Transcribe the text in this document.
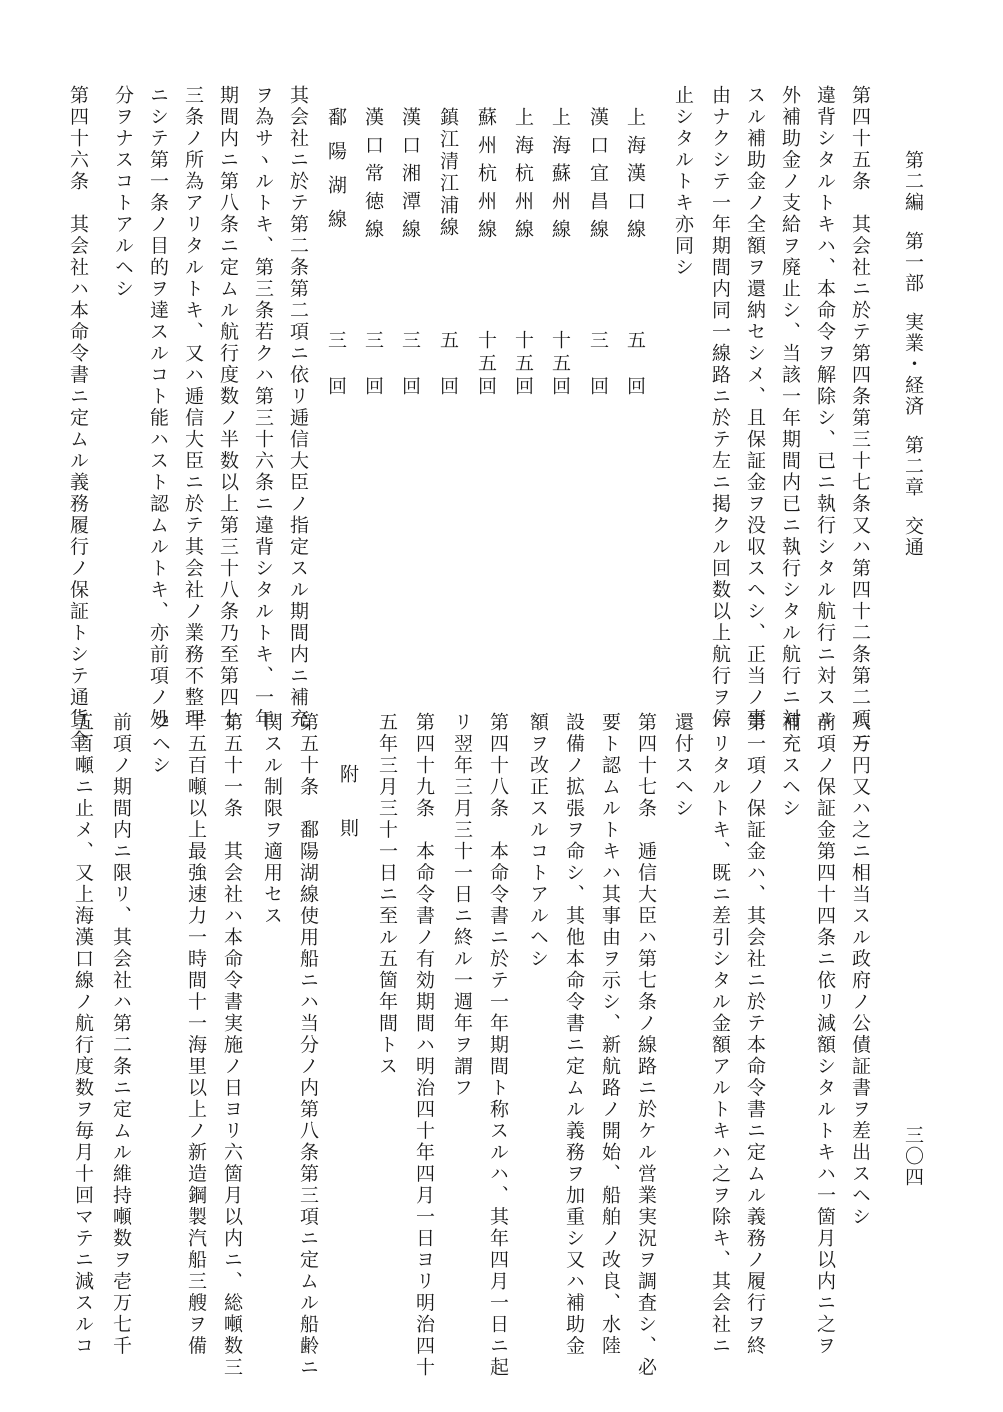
第二編第一部実業・経済第二章交通
三〇四
第四十五条　其会社ニ於テ第四条第三十七条又ハ第四十二条第二項ニ
違背シタルトキハ、本命令ヲ解除シ、已ニ執行シタル航行ニ対スル
外補助金ノ支給ヲ廃止シ、当該一年期間内已ニ執行シタル航行ニ対
スル補助金ノ全額ヲ還納セシメ、且保証金ヲ没収スヘシ、正当ノ事
由ナクシテ一年期間内同一線路ニ於テ左ニ掲クル回数以上航行ヲ停
止シタルトキ亦同シ
上海漢口線
五　回
漢口宜昌線
三　回
上海蘇州線
十五回
上海杭州線
十五回
蘇州杭州線
十五回
鎮江清江浦線
五　回
漢口湘潭線
三　回
漢口常徳線
三　回
鄱陽湖線
三　回
其会社ニ於テ第二条第二項ニ依リ逓信大臣ノ指定スル期間内ニ補充
ヲ為サヽルトキ、第三条若クハ第三十六条ニ違背シタルトキ、一年
期間内ニ第八条ニ定ムル航行度数ノ半数以上第三十八条乃至第四十
三条ノ所為アリタルトキ、又ハ逓信大臣ニ於テ其会社ノ業務不整理
ニシテ第一条ノ目的ヲ達スルコト能ハスト認ムルトキ、亦前項ノ処
分ヲナスコトアルヘシ
第四十六条　其会社ハ本命令書ニ定ムル義務履行ノ保証トシテ通貨金
八万円又ハ之ニ相当スル政府ノ公債証書ヲ差出スヘシ
前項ノ保証金第四十四条ニ依リ減額シタルトキハ一箇月以内ニ之ヲ
補充スヘシ
第一項ノ保証金ハ、其会社ニ於テ本命令書ニ定ムル義務ノ履行ヲ終
ハリタルトキ、既ニ差引シタル金額アルトキハ之ヲ除キ、其会社ニ
還付スヘシ
第四十七条　逓信大臣ハ第七条ノ線路ニ於ケル営業実況ヲ調査シ、必
要ト認ムルトキハ其事由ヲ示シ、新航路ノ開始、船舶ノ改良、水陸
設備ノ拡張ヲ命シ、其他本命令書ニ定ムル義務ヲ加重シ又ハ補助金
額ヲ改正スルコトアルヘシ
第四十八条　本命令書ニ於テ一年期間ト称スルハ、其年四月一日ニ起
リ翌年三月三十一日ニ終ル一週年ヲ謂フ
第四十九条　本命令書ノ有効期間ハ明治四十年四月一日ヨリ明治四十
五年三月三十一日ニ至ル五箇年間トス
附　則
第五十条　鄱陽湖線使用船ニハ当分ノ内第八条第三項ニ定ムル船齢ニ
関スル制限ヲ適用セス
第五十一条　其会社ハ本命令書実施ノ日ヨリ六箇月以内ニ、総噸数三
千五百噸以上最強速力一時間十一海里以上ノ新造鋼製汽船三艘ヲ備
フヘシ
前項ノ期間内ニ限リ、其会社ハ第二条ニ定ムル維持噸数ヲ壱万七千
五百噸ニ止メ、又上海漢口線ノ航行度数ヲ毎月十回マテニ減スルコ
